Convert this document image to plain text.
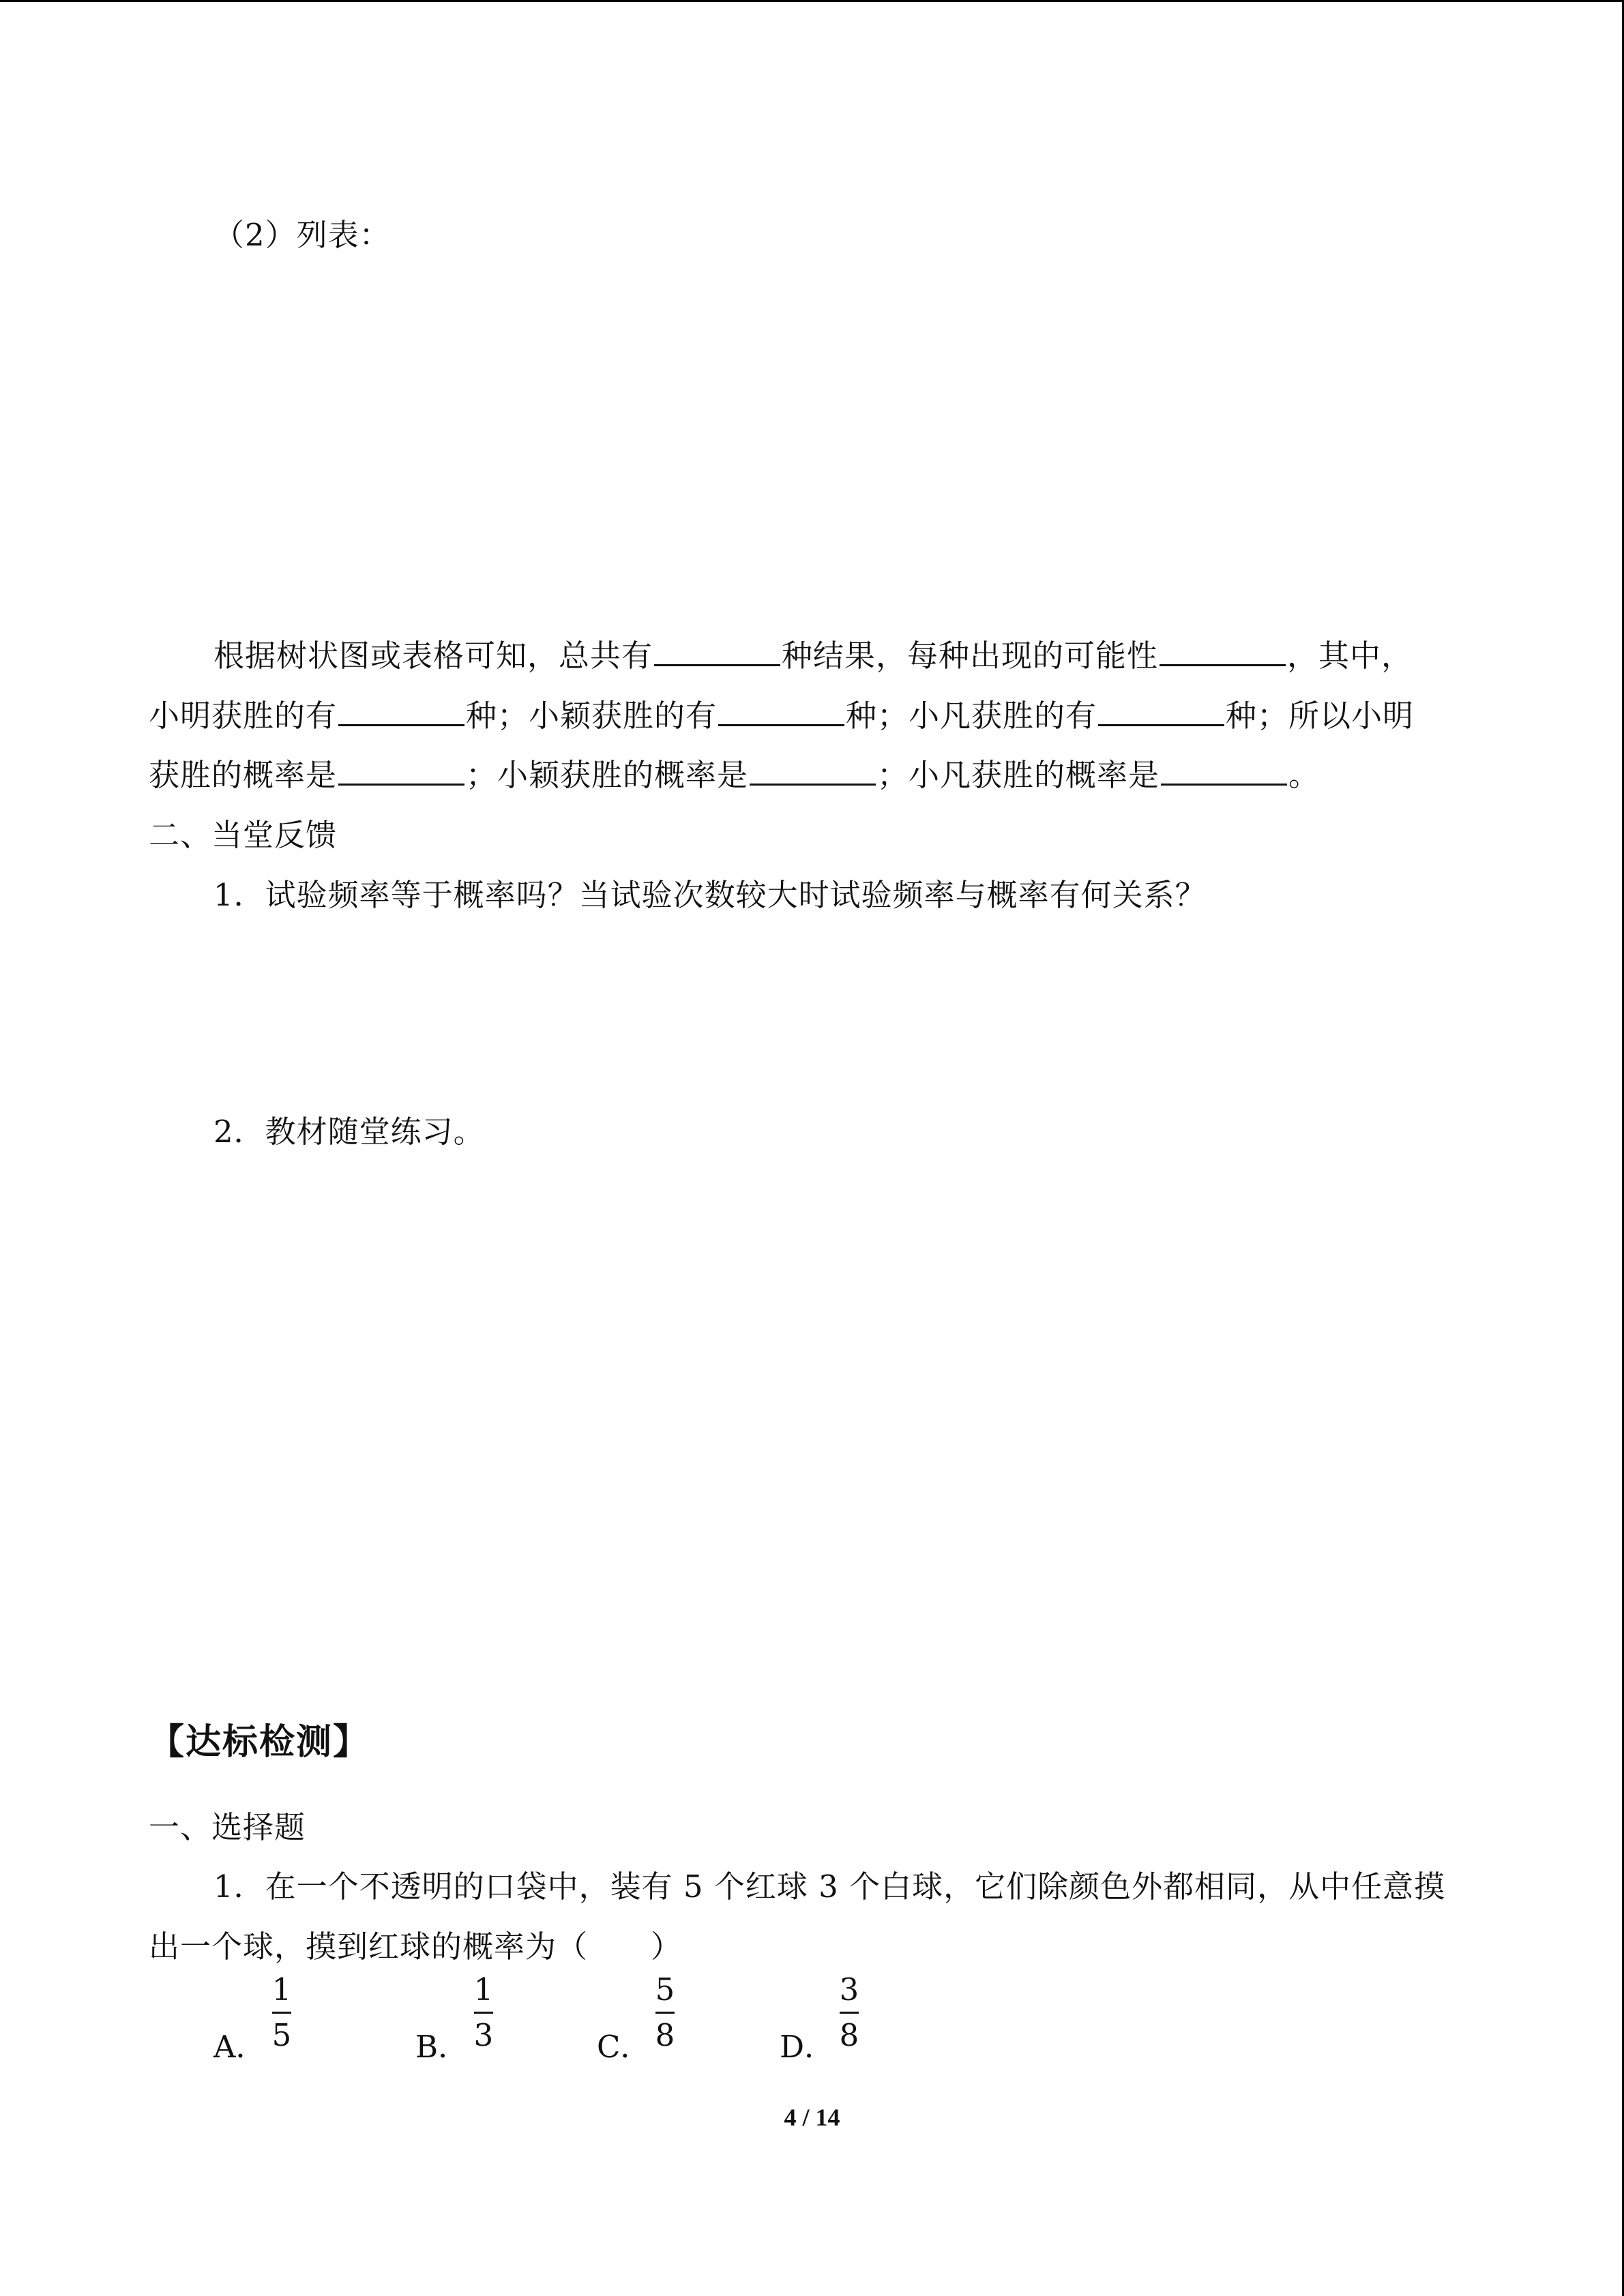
（2）列表：
根据树状图或表格可知，总共有	种结果，每种出现的可能性	，其中，
小明获胜的有	种；小颖获胜的有	种；小凡获胜的有	种；所以小明
获胜的概率是	；小颖获胜的概率是	；小凡获胜的概率是	。
二、当堂反馈
1．试验频率等于概率吗？当试验次数较大时试验频率与概率有何关系？
2．教材随堂练习。
【达标检测】
一、选择题
1．在一个不透明的口袋中，装有 5 个红球 3 个白球，它们除颜色外都相同，从中任意摸
出一个球，摸到红球的概率为（　　）
A．
1
5	B．
1
3	C．
5
8	D．
3
8
4 / 14
